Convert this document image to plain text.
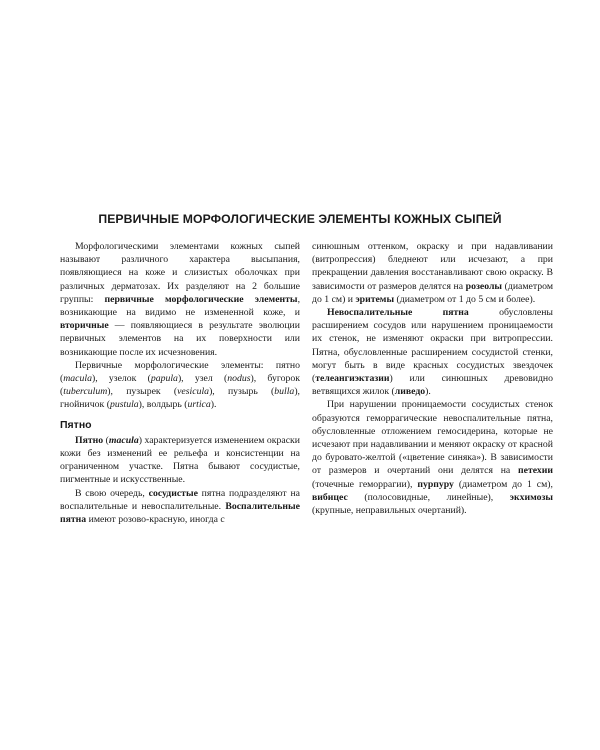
ПЕРВИЧНЫЕ МОРФОЛОГИЧЕСКИЕ ЭЛЕМЕНТЫ КОЖНЫХ СЫПЕЙ

Морфологическими элементами кожных сыпей называют различного характера высыпания, появляющиеся на коже и слизистых оболочках при различных дерматозах. Их разделяют на 2 большие группы: первичные морфологические элементы, возникающие на видимо не измененной коже, и вторичные — появляющиеся в результате эволюции первичных элементов на их поверхности или возникающие после их исчезновения.

Первичные морфологические элементы: пятно (macula), узелок (papula), узел (nodus), бугорок (tuberculum), пузырек (vesicula), пузырь (bulla), гнойничок (pustula), волдырь (urtica).

Пятно

Пятно (macula) характеризуется изменением окраски кожи без изменений ее рельефа и консистенции на ограниченном участке. Пятна бывают сосудистые, пигментные и искусственные.

В свою очередь, сосудистые пятна подразделяют на воспалительные и невоспалительные. Воспалительные пятна имеют розово-красную, иногда с

синюшным оттенком, окраску и при надавливании (витропрессия) бледнеют или исчезают, а при прекращении давления восстанавливают свою окраску. В зависимости от размеров делятся на розеолы (диаметром до 1 см) и эритемы (диаметром от 1 до 5 см и более).

Невоспалительные пятна обусловлены расширением сосудов или нарушением проницаемости их стенок, не изменяют окраски при витропрессии. Пятна, обусловленные расширением сосудистой стенки, могут быть в виде красных сосудистых звездочек (телеангиэктазии) или синюшных древовидно ветвящихся жилок (ливедо).

При нарушении проницаемости сосудистых стенок образуются геморрагические невоспалительные пятна, обусловленные отложением гемосидерина, которые не исчезают при надавливании и меняют окраску от красной до буровато-желтой («цветение синяка»). В зависимости от размеров и очертаний они делятся на петехии (точечные геморрагии), пурпуру (диаметром до 1 см), вибицес (полосовидные, линейные), экхимозы (крупные, неправильных очертаний).
